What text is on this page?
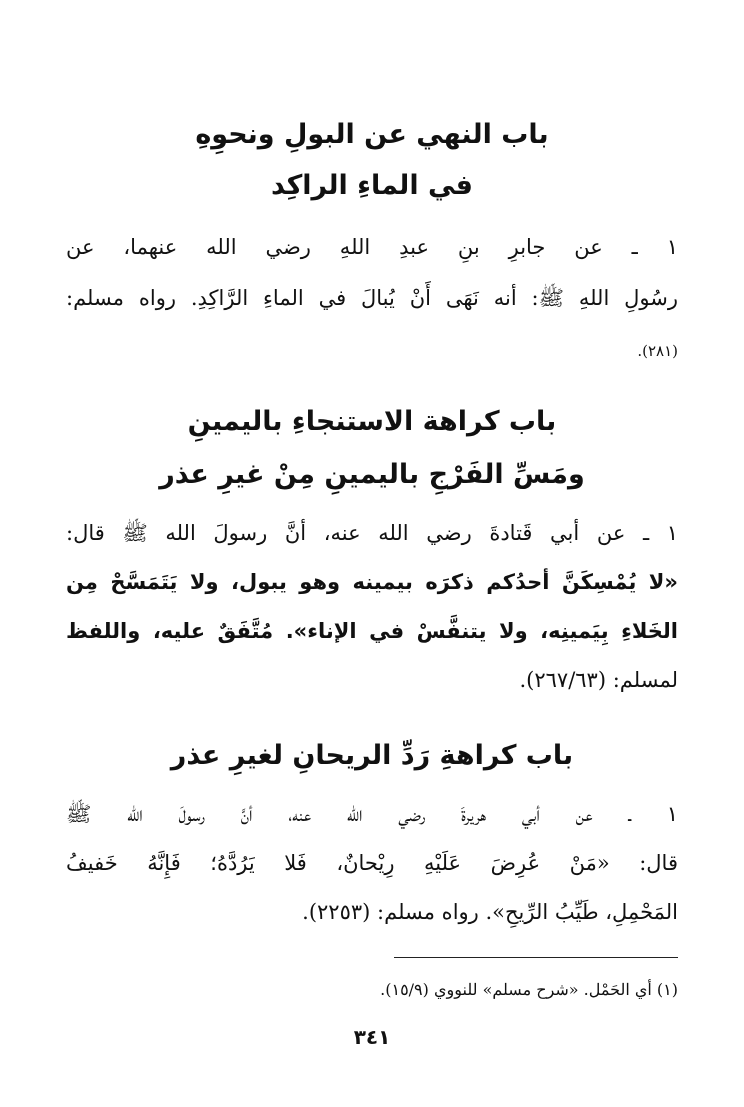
باب النهي عن البولِ ونحوِهِ
في الماءِ الراكِد
١ ـ عن جابرِ بنِ عبدِ اللهِ رضي الله عنهما، عن
رسُولِ اللهِ ﷺ: أنه نَهَى أَنْ يُبالَ في الماءِ الرَّاكِدِ. رواه مسلم:
(٢٨١).
باب كراهة الاستنجاءِ باليمينِ
ومَسِّ الفَرْجِ باليمينِ مِنْ غيرِ عذر
١ ـ عن أبي قَتادةَ رضي الله عنه، أنَّ رسولَ الله ﷺ قال:
«لا يُمْسِكَنَّ أحدُكم ذكرَه بيمينه وهو يبول، ولا يَتَمَسَّحْ مِن
الخَلاءِ بِيَمينِه، ولا يتنفَّسْ في الإناء». مُتَّفَقٌ عليه، واللفظ
لمسلم: (٢٦٧/٦٣).
باب كراهةِ رَدِّ الريحانِ لغيرِ عذر
١ ـ عن أبي هريرةَ رضي الله عنه، أنَّ رسولَ الله ﷺ
قال: «مَنْ عُرِضَ عَلَيْهِ رِيْحانٌ، فَلا يَرُدَّهُ؛ فَإِنَّهُ خَفيفُ
المَحْمِلِ، طَيِّبُ الرِّيحِ». رواه مسلم: (٢٢٥٣).
(١) أي الحَمْل. «شرح مسلم» للنووي (١٥/٩).
٣٤١
